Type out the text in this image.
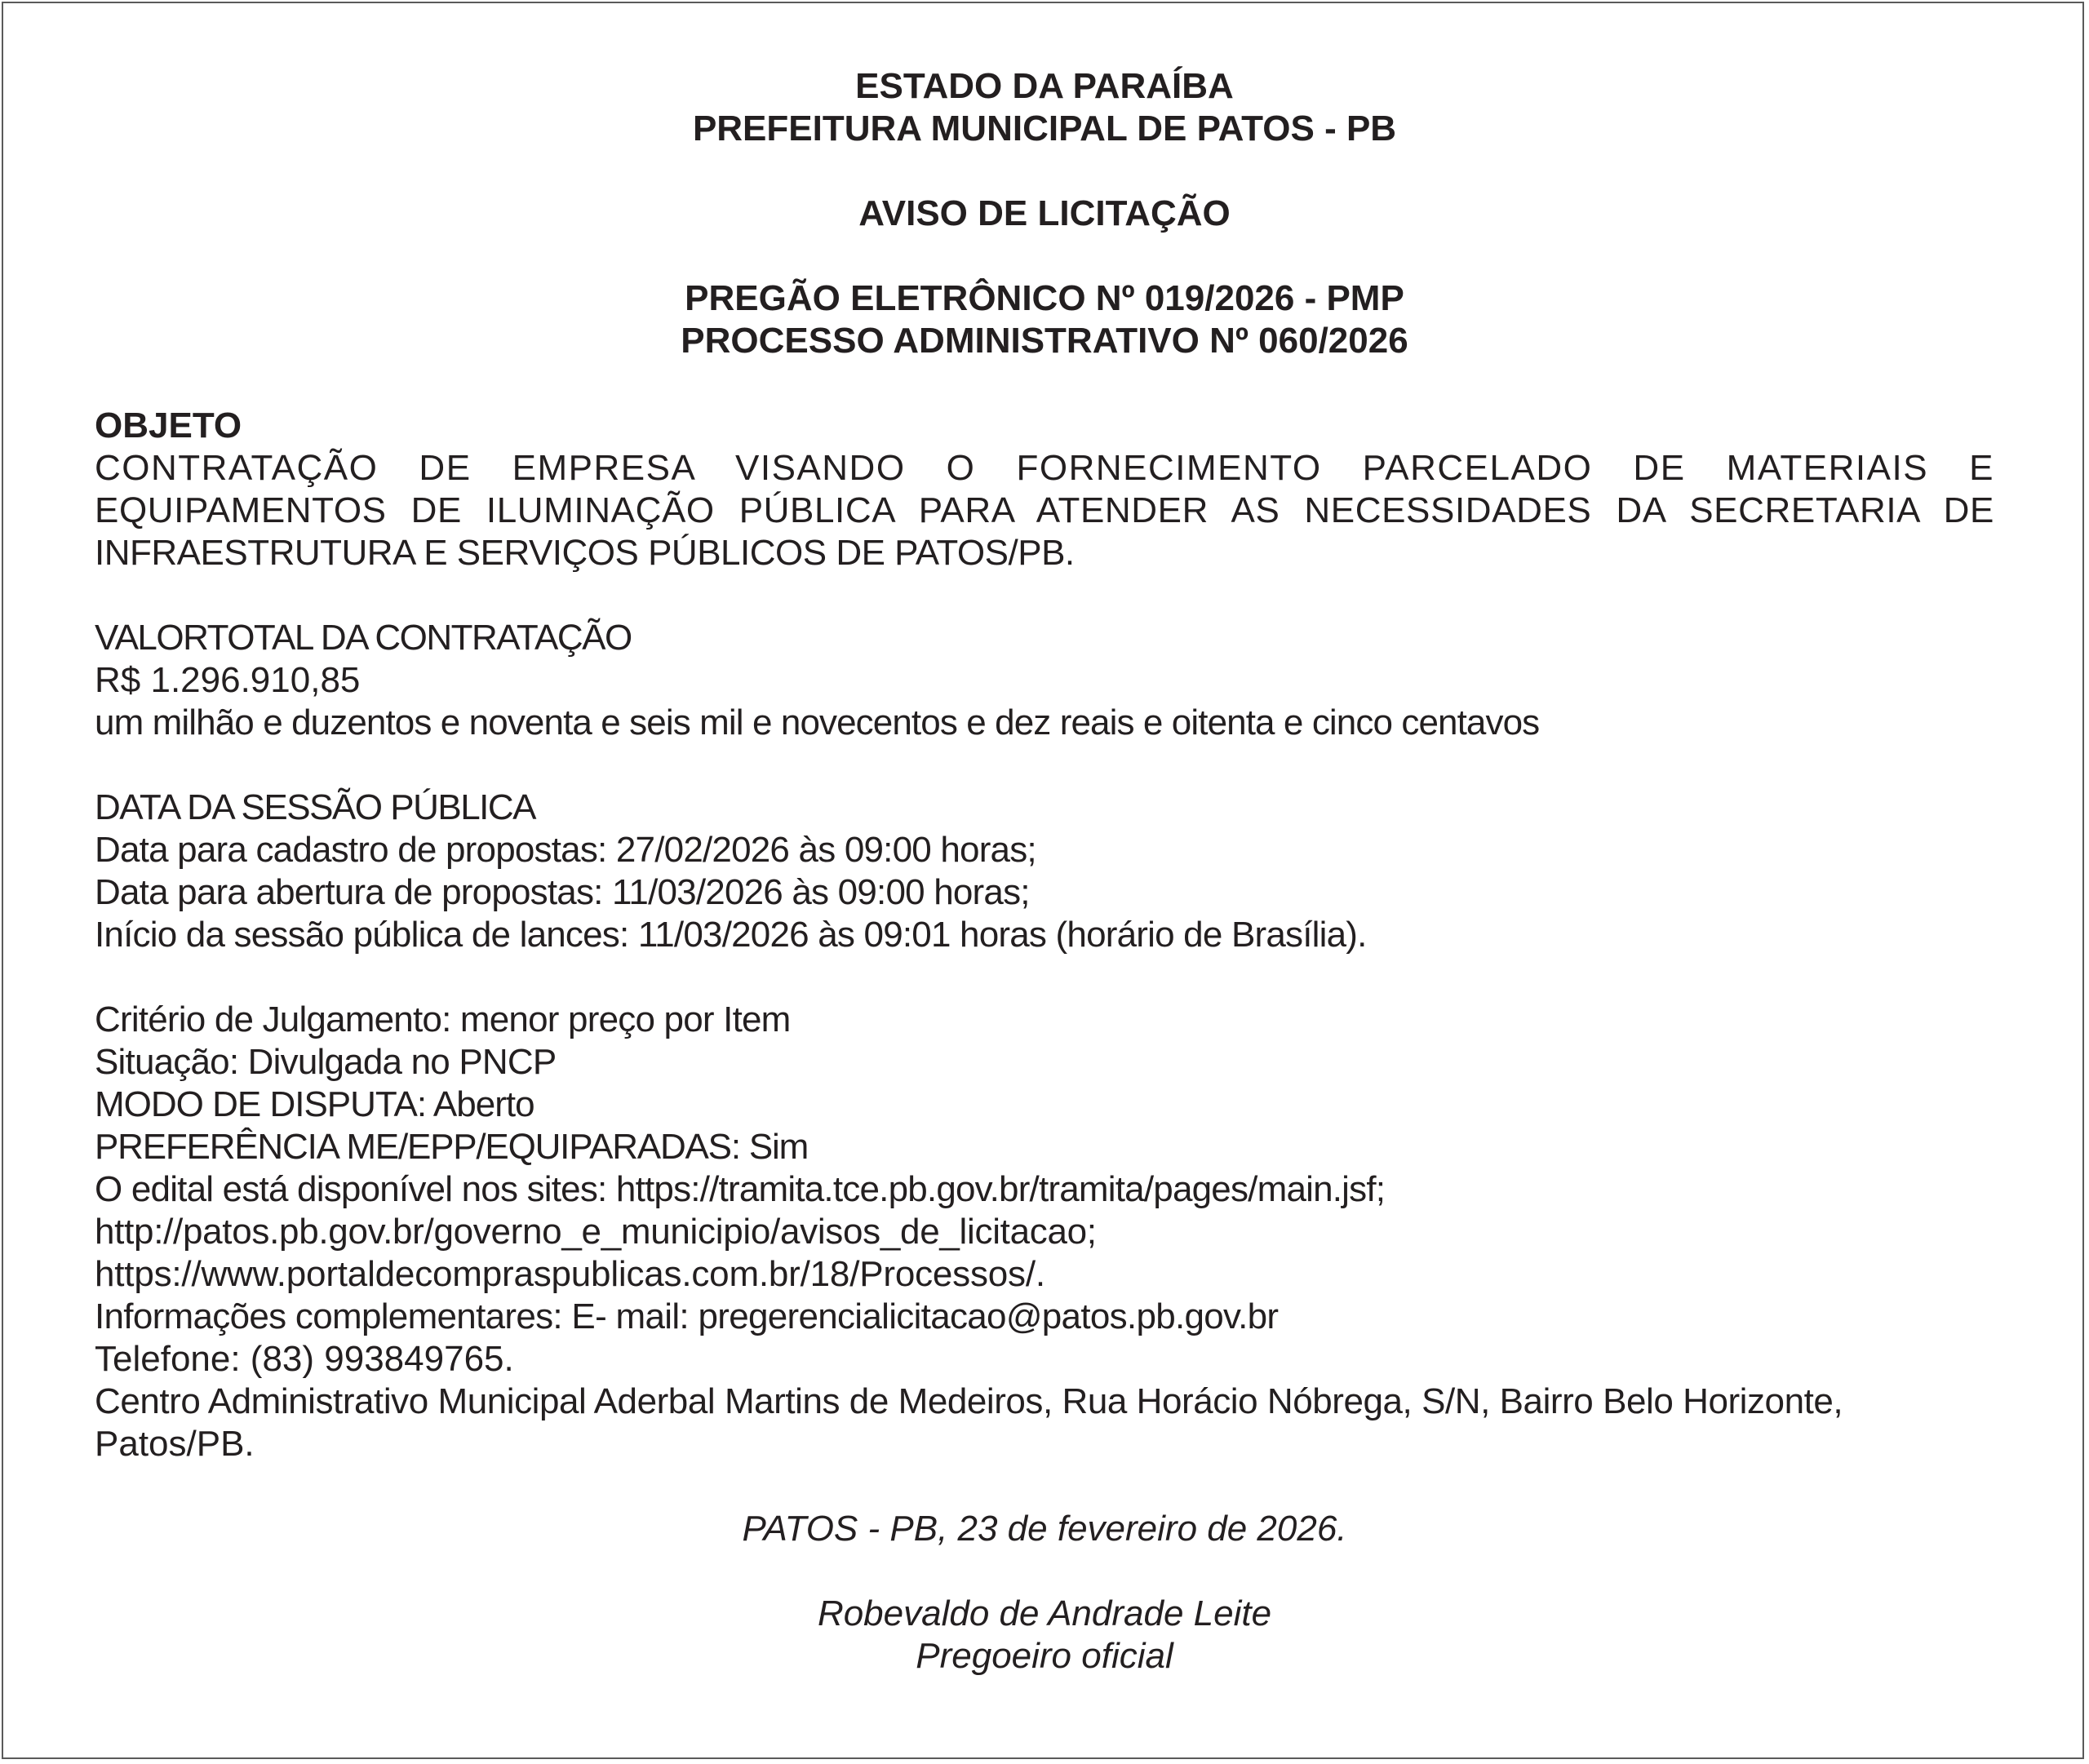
ESTADO DA PARAÍBA
PREFEITURA MUNICIPAL DE PATOS - PB
AVISO DE LICITAÇÃO
PREGÃO ELETRÔNICO Nº 019/2026 - PMP
PROCESSO ADMINISTRATIVO Nº 060/2026
OBJETO
CONTRATAÇÃO DE EMPRESA VISANDO O FORNECIMENTO PARCELADO DE MATERIAIS E
EQUIPAMENTOS DE ILUMINAÇÃO PÚBLICA PARA ATENDER AS NECESSIDADES DA SECRETARIA DE
INFRAESTRUTURA E SERVIÇOS PÚBLICOS DE PATOS/PB.
VALORTOTAL DA CONTRATAÇÃO
R$ 1.296.910,85
um milhão e duzentos e noventa e seis mil e novecentos e dez reais e oitenta e cinco centavos
DATA DA SESSÃO PÚBLICA
Data para cadastro de propostas: 27/02/2026 às 09:00 horas;
Data para abertura de propostas: 11/03/2026 às 09:00 horas;
Início da sessão pública de lances: 11/03/2026 às 09:01 horas (horário de Brasília).
Critério de Julgamento: menor preço por Item
Situação: Divulgada no PNCP
MODO DE DISPUTA: Aberto
PREFERÊNCIA ME/EPP/EQUIPARADAS: Sim
O edital está disponível nos sites: https://tramita.tce.pb.gov.br/tramita/pages/main.jsf;
http://patos.pb.gov.br/governo_e_municipio/avisos_de_licitacao;
https://www.portaldecompraspublicas.com.br/18/Processos/.
Informações complementares: E- mail: pregerencialicitacao@patos.pb.gov.br
Telefone: (83) 993849765.
Centro Administrativo Municipal Aderbal Martins de Medeiros, Rua Horácio Nóbrega, S/N, Bairro Belo Horizonte,
Patos/PB.
PATOS - PB, 23 de fevereiro de 2026.
Robevaldo de Andrade Leite
Pregoeiro oficial
